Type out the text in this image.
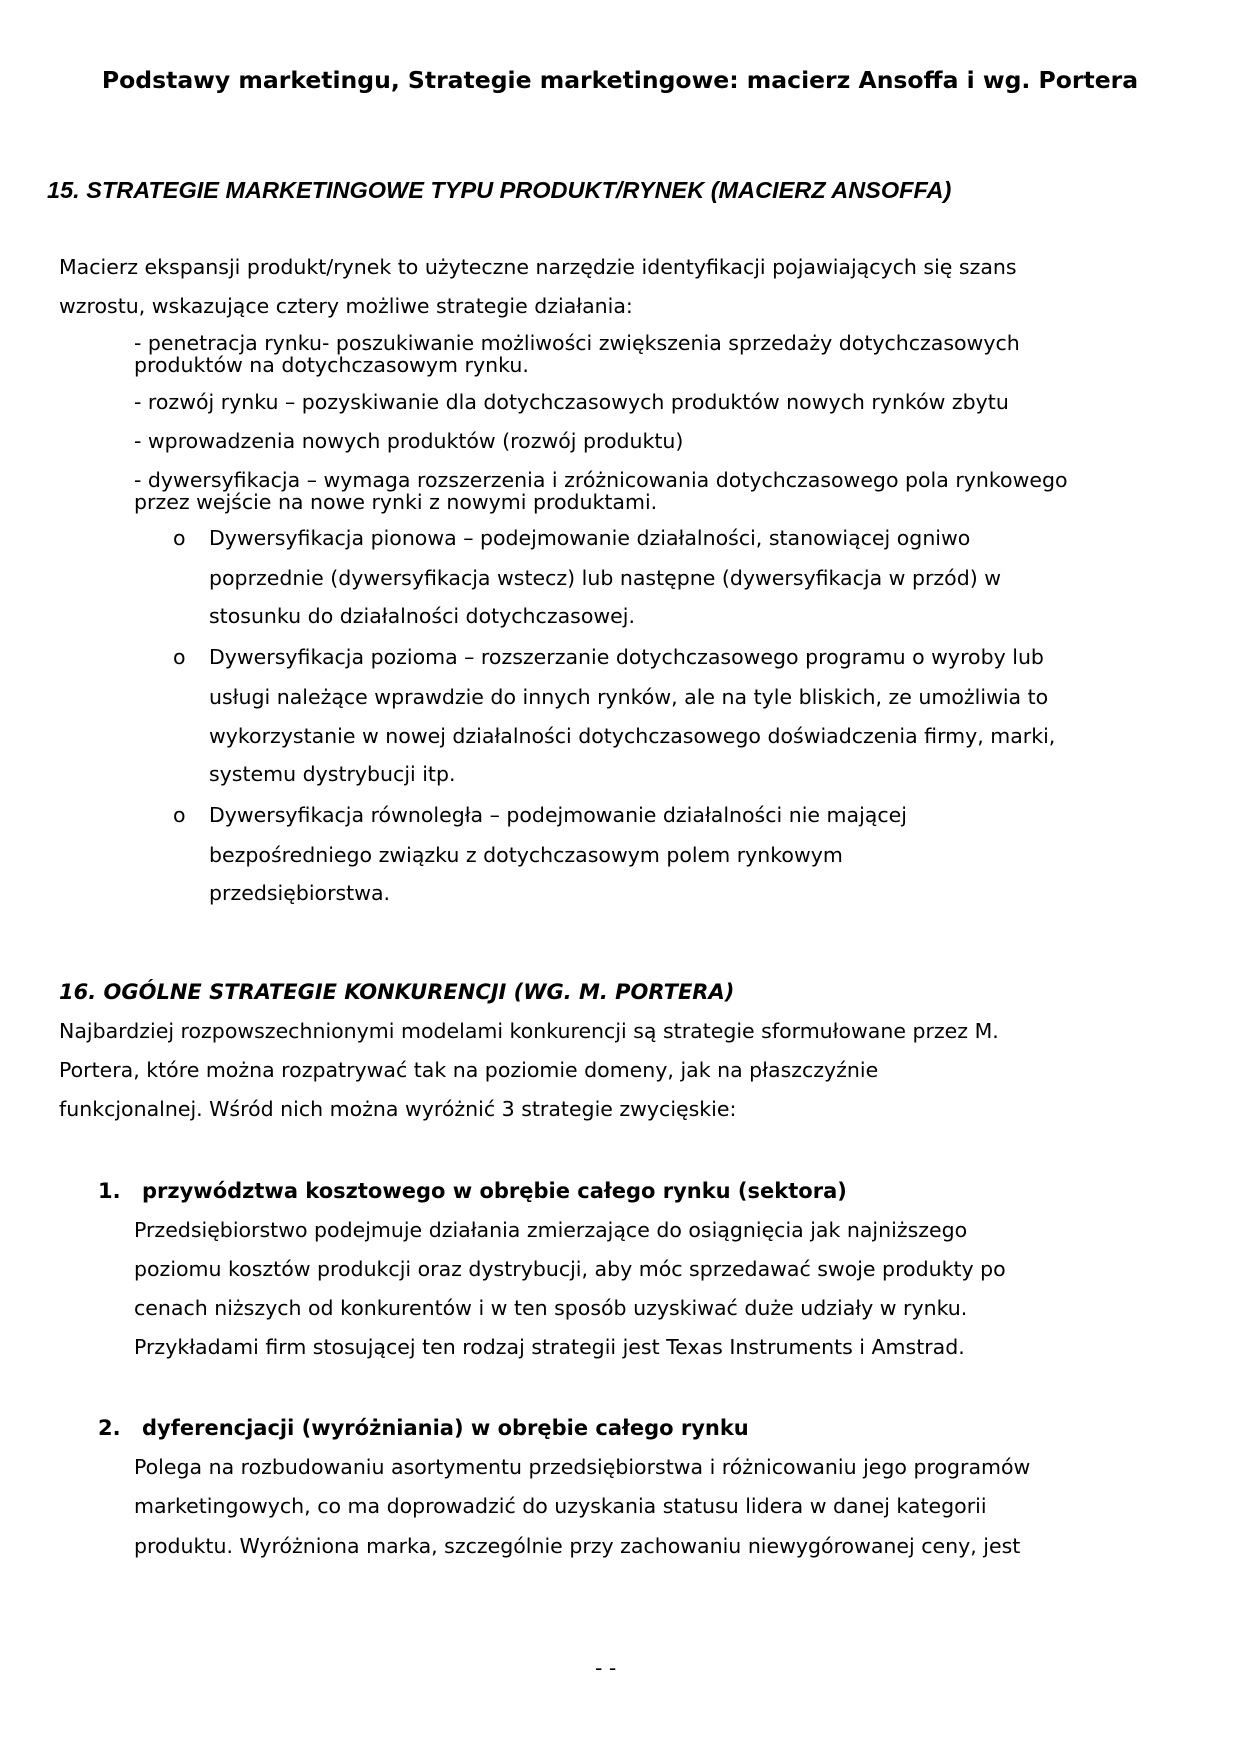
Podstawy marketingu, Strategie marketingowe: macierz Ansoffa i wg. Portera
15. STRATEGIE MARKETINGOWE TYPU PRODUKT/RYNEK (MACIERZ ANSOFFA)
Macierz ekspansji produkt/rynek to użyteczne narzędzie identyfikacji pojawiających się szans
wzrostu, wskazujące cztery możliwe strategie działania:
- penetracja rynku- poszukiwanie możliwości zwiększenia sprzedaży dotychczasowych
produktów na dotychczasowym rynku.
- rozwój rynku – pozyskiwanie dla dotychczasowych produktów nowych rynków zbytu
- wprowadzenia nowych produktów (rozwój produktu)
- dywersyfikacja – wymaga rozszerzenia i zróżnicowania dotychczasowego pola rynkowego
przez wejście na nowe rynki z nowymi produktami.
o Dywersyfikacja pionowa – podejmowanie działalności, stanowiącej ogniwo
poprzednie (dywersyfikacja wstecz) lub następne (dywersyfikacja w przód) w
stosunku do działalności dotychczasowej.
o Dywersyfikacja pozioma – rozszerzanie dotychczasowego programu o wyroby lub
usługi należące wprawdzie do innych rynków, ale na tyle bliskich, ze umożliwia to
wykorzystanie w nowej działalności dotychczasowego doświadczenia firmy, marki,
systemu dystrybucji itp.
o Dywersyfikacja równoległa – podejmowanie działalności nie mającej
bezpośredniego związku z dotychczasowym polem rynkowym
przedsiębiorstwa.
16. OGÓLNE STRATEGIE KONKURENCJI (WG. M. PORTERA)
Najbardziej rozpowszechnionymi modelami konkurencji są strategie sformułowane przez M.
Portera, które można rozpatrywać tak na poziomie domeny, jak na płaszczyźnie
funkcjonalnej. Wśród nich można wyróżnić 3 strategie zwycięskie:
1. przywództwa kosztowego w obrębie całego rynku (sektora)
Przedsiębiorstwo podejmuje działania zmierzające do osiągnięcia jak najniższego
poziomu kosztów produkcji oraz dystrybucji, aby móc sprzedawać swoje produkty po
cenach niższych od konkurentów i w ten sposób uzyskiwać duże udziały w rynku.
Przykładami firm stosującej ten rodzaj strategii jest Texas Instruments i Amstrad.
2. dyferencjacji (wyróżniania) w obrębie całego rynku
Polega na rozbudowaniu asortymentu przedsiębiorstwa i różnicowaniu jego programów
marketingowych, co ma doprowadzić do uzyskania statusu lidera w danej kategorii
produktu. Wyróżniona marka, szczególnie przy zachowaniu niewygórowanej ceny, jest
- -
